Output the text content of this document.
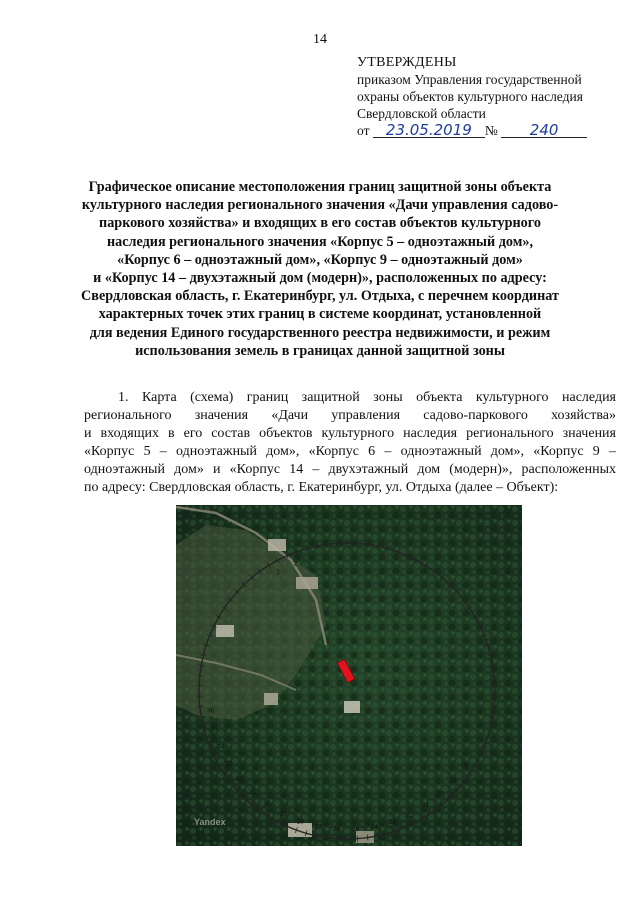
14
УТВЕРЖДЕНЫ
приказом Управления государственной
охраны объектов культурного наследия
Свердловской области
от 23.05.2019 № 240
Графическое описание местоположения границ защитной зоны объекта
культурного наследия регионального значения «Дачи управления садово-
паркового хозяйства» и входящих в его состав объектов культурного
наследия регионального значения «Корпус 5 – одноэтажный дом»,
«Корпус 6 – одноэтажный дом», «Корпус 9 – одноэтажный дом»
и «Корпус 14 – двухэтажный дом (модерн)», расположенных по адресу:
Свердловская область, г. Екатеринбург, ул. Отдыха, с перечнем координат
характерных точек этих границ в системе координат, установленной
для ведения Единого государственного реестра недвижимости, и режим
использования земель в границах данной защитной зоны
1. Карта (схема) границ защитной зоны объекта культурного наследия
регионального значения «Дачи управления садово-паркового хозяйства»
и входящих в его состав объектов культурного наследия регионального значения
«Корпус 5 – одноэтажный дом», «Корпус 6 – одноэтажный дом», «Корпус 9 –
одноэтажный дом» и «Корпус 14 – двухэтажный дом (модерн)», расположенных
по адресу: Свердловская область, г. Екатеринбург, ул. Отдыха (далее – Объект):
36
35
34
33
32
31
30
29
28
27 26 25 24
23
22
21
20
19
18
1
2
Yandex
